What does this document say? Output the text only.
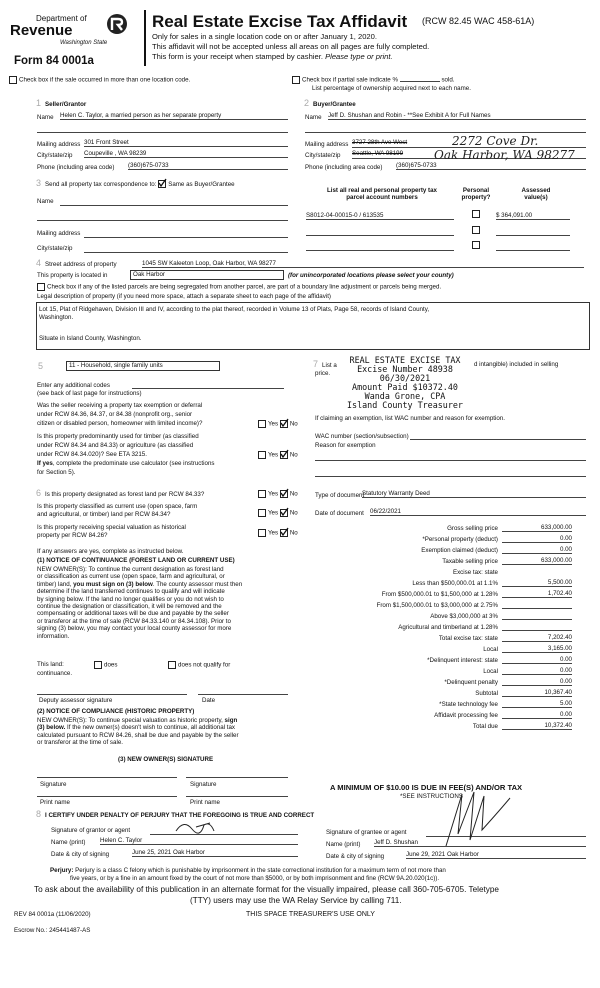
Department of
Revenue
Washington State
Form 84 0001a
Real Estate Excise Tax Affidavit (RCW 82.45 WAC 458-61A)
Only for sales in a single location code on or after January 1, 2020.
This affidavit will not be accepted unless all areas on all pages are fully completed.
This form is your receipt when stamped by cashier. Please type or print.
Check box if the sale occurred in more than one location code.	Check box if partial sale indicate %	sold.
List percentage of ownership acquired next to each name.
1 Seller/Grantor
Name Helen C. Taylor, a married person as her separate property
Mailing address 301 Front Street
City/state/zip Coupeville , WA 98239
Phone (including area code) (360)675-0733
2 Buyer/Grantee
Name Jeff D. Shushan and Robin - **See Exhibit A for Full Names
Mailing address 3727 28th Ave West	2272 Cove Dr.
City/state/zip Seattle, WA 98199	Oak Harbor, WA 98277
Phone (including area code) (360)675-0733
3 Send all property tax correspondence to: Same as Buyer/Grantee
Name
Mailing address
City/state/zip
List all real and personal property tax
parcel account numbers
Personal
property?
Assessed
value(s)
S8012-04-00015-0 / 613535	$ 364,091.00
4 Street address of property	1045 SW Kaleeton Loop, Oak Harbor, WA 98277
This property is located in	Oak Harbor	(for unincorporated locations please select your county)
Check box if any of the listed parcels are being segregated from another parcel, are part of a boundary line adjustment or parcels being merged.
Legal description of property (if you need more space, attach a separate sheet to each page of the affidavit)
Lot 15, Plat of Ridgehaven, Division III and IV, according to the plat thereof, recorded in Volume 13 of Plats, Page 58, records of Island County,
Washington.
Situate in Island County, Washington.
5	11 - Household, single family units
Enter any additional codes
(see back of last page for instructions)
Was the seller receiving a property tax exemption or deferral
under RCW 84.36, 84.37, or 84.38 (nonprofit org., senior
citizen or disabled person, homeowner with limited income)?	Yes No
Is this property predominantly used for timber (as classified
under RCW 84.34 and 84.33) or agriculture (as classified
under RCW 84.34.020)? See ETA 3215.	Yes No
If yes, complete the predominate use calculator (see instructions
for Section 5).
6 Is this property designated as forest land per RCW 84.33?	Yes No
Is this property classified as current use (open space, farm
and agricultural, or timber) land per RCW 84.34?	Yes No
Is this property receiving special valuation as historical
property per RCW 84.26?	Yes No
If any answers are yes, complete as instructed below.
(1) NOTICE OF CONTINUANCE (FOREST LAND OR CURRENT USE)
NEW OWNER(S): To continue the current designation as forest land
or classification as current use (open space, farm and agricultural, or
timber) land, you must sign on (3) below. The county assessor must then
determine if the land transferred continues to qualify and will indicate
by signing below. If the land no longer qualifies or you do not wish to
continue the designation or classification, it will be removed and the
compensating or additional taxes will be due and payable by the seller
or transferor at the time of sale (RCW 84.33.140 or 84.34.108). Prior to
signing (3) below, you may contact your local county assessor for more
information.
This land:	does	does not qualify for
continuance.
Deputy assessor signature	Date
(2) NOTICE OF COMPLIANCE (HISTORIC PROPERTY)
NEW OWNER(S): To continue special valuation as historic property, sign
(3) below. If the new owner(s) doesn't wish to continue, all additional tax
calculated pursuant to RCW 84.26, shall be due and payable by the seller
or transferor at the time of sale.
(3) NEW OWNER(S) SIGNATURE
Signature	Signature
Print name	Print name
7 List a	d intangible) included in selling
price.
REAL ESTATE EXCISE TAX
Excise Number 48938
06/30/2021
Amount Paid $10372.40
Wanda Grone, CPA
Island County Treasurer
If claiming an exemption, list WAC number and reason for exemption.
WAC number (section/subsection)
Reason for exemption
Type of document
Statutory Warranty Deed
Date of document 06/22/2021
Gross selling price	633,000.00
*Personal property (deduct)	0.00
Exemption claimed (deduct)	0.00
Taxable selling price	633,000.00
Excise tax: state
Less than $500,000.01 at 1.1%	5,500.00
From $500,000.01 to $1,500,000 at 1.28%	1,702.40
From $1,500,000.01 to $3,000,000 at 2.75%
Above $3,000,000 at 3%
Agricultural and timberland at 1.28%
Total excise tax: state	7,202.40
Local	3,165.00
*Delinquent interest: state	0.00
Local	0.00
*Delinquent penalty	0.00
Subtotal	10,367.40
*State technology fee	5.00
Affidavit processing fee	0.00
Total due	10,372.40
A MINIMUM OF $10.00 IS DUE IN FEE(S) AND/OR TAX
*SEE INSTRUCTIONS
8 I CERTIFY UNDER PENALTY OF PERJURY THAT THE FOREGOING IS TRUE AND CORRECT
Signature of grantor or agent
Name (print) Helen C. Taylor
Date & city of signing	June 25, 2021 Oak Harbor
Signature of grantee or agent
Name (print) Jeff D. Shushan
Date & city of signing	June 29, 2021 Oak Harbor
Perjury: Perjury is a class C felony which is punishable by imprisonment in the state correctional institution for a maximum term of not more than
five years, or by a fine in an amount fixed by the court of not more than $5000, or by both imprisonment and fine (RCW 9A.20.020(1c)).
To ask about the availability of this publication in an alternate format for the visually impaired, please call 360-705-6705. Teletype
(TTY) users may use the WA Relay Service by calling 711.
REV 84 0001a (11/06/2020)	THIS SPACE TREASURER'S USE ONLY
Escrow No.: 245441487-AS
